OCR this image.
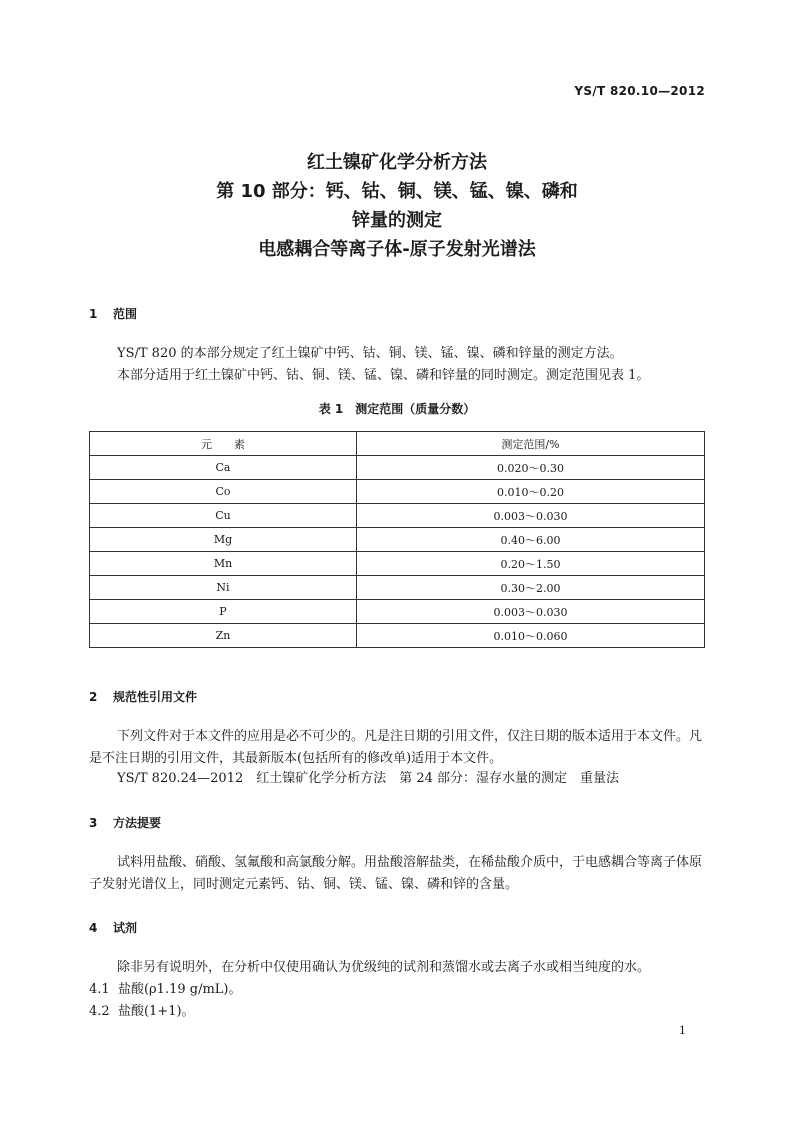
YS/T 820.10—2012
红土镍矿化学分析方法
第 10 部分：钙、钴、铜、镁、锰、镍、磷和
锌量的测定
电感耦合等离子体-原子发射光谱法
1 范围
YS/T 820 的本部分规定了红土镍矿中钙、钴、铜、镁、锰、镍、磷和锌量的测定方法。
本部分适用于红土镍矿中钙、钴、铜、镁、锰、镍、磷和锌量的同时测定。测定范围见表 1。
表 1　测定范围（质量分数）
元　　素	测定范围/%
Ca	0.020～0.30
Co	0.010～0.20
Cu	0.003～0.030
Mg	0.40～6.00
Mn	0.20～1.50
Ni	0.30～2.00
P	0.003～0.030
Zn	0.010～0.060
2 规范性引用文件

下列文件对于本文件的应用是必不可少的。凡是注日期的引用文件，仅注日期的版本适用于本文件。凡是不注日期的引用文件，其最新版本(包括所有的修改单)适用于本文件。

YS/T 820.24—2012　红土镍矿化学分析方法　第 24 部分：湿存水量的测定　重量法
3 方法提要

试料用盐酸、硝酸、氢氟酸和高氯酸分解。用盐酸溶解盐类，在稀盐酸介质中，于电感耦合等离子体原子发射光谱仪上，同时测定元素钙、钴、铜、镁、锰、镍、磷和锌的含量。

4 试剂
除非另有说明外，在分析中仅使用确认为优级纯的试剂和蒸馏水或去离子水或相当纯度的水。
4.1 盐酸(ρ1.19 g/mL)。
4.2 盐酸(1+1)。
1
